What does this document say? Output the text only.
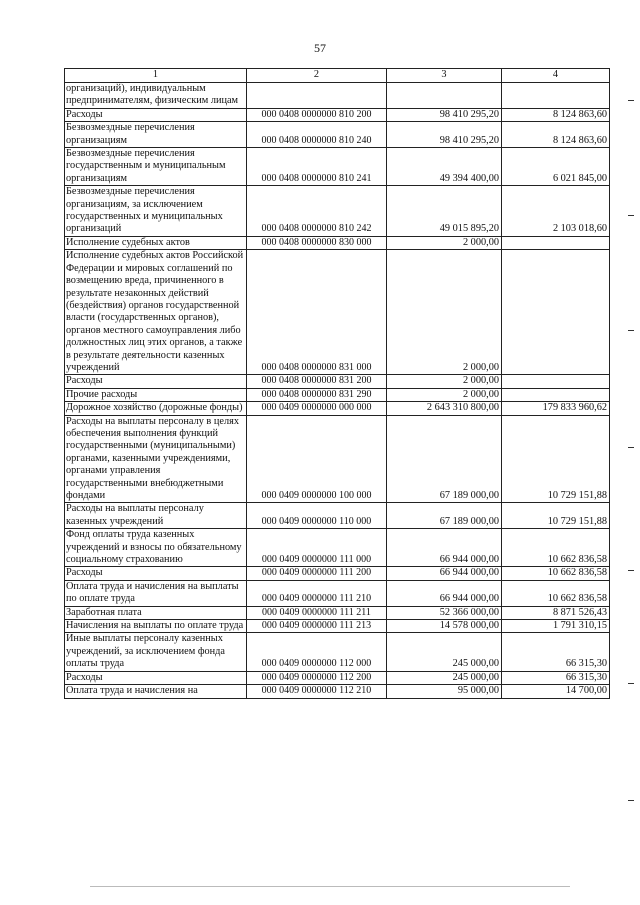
57
1	2	3	4
организаций), индивидуальным предпринимателям, физическим лицам			
Расходы	000 0408 0000000 810 200	98 410 295,20	8 124 863,60
Безвозмездные перечисления организациям	000 0408 0000000 810 240	98 410 295,20	8 124 863,60
Безвозмездные перечисления государственным и муниципальным организациям	000 0408 0000000 810 241	49 394 400,00	6 021 845,00
Безвозмездные перечисления организациям, за исключением государственных и муниципальных организаций	000 0408 0000000 810 242	49 015 895,20	2 103 018,60
Исполнение судебных актов	000 0408 0000000 830 000	2 000,00	
Исполнение судебных актов Российской Федерации и мировых соглашений по возмещению вреда, причиненного в результате незаконных действий (бездействия) органов государственной власти (государственных органов), органов местного самоуправления либо должностных лиц этих органов, а также в результате деятельности казенных учреждений	000 0408 0000000 831 000	2 000,00	
Расходы	000 0408 0000000 831 200	2 000,00	
Прочие расходы	000 0408 0000000 831 290	2 000,00	
Дорожное хозяйство (дорожные фонды)	000 0409 0000000 000 000	2 643 310 800,00	179 833 960,62
Расходы на выплаты персоналу в целях обеспечения выполнения функций государственными (муниципальными) органами, казенными учреждениями, органами управления государственными внебюджетными фондами	000 0409 0000000 100 000	67 189 000,00	10 729 151,88
Расходы на выплаты персоналу казенных учреждений	000 0409 0000000 110 000	67 189 000,00	10 729 151,88
Фонд оплаты труда казенных учреждений и взносы по обязательному социальному страхованию	000 0409 0000000 111 000	66 944 000,00	10 662 836,58
Расходы	000 0409 0000000 111 200	66 944 000,00	10 662 836,58
Оплата труда и начисления на выплаты по оплате труда	000 0409 0000000 111 210	66 944 000,00	10 662 836,58
Заработная плата	000 0409 0000000 111 211	52 366 000,00	8 871 526,43
Начисления на выплаты по оплате труда	000 0409 0000000 111 213	14 578 000,00	1 791 310,15
Иные выплаты персоналу казенных учреждений, за исключением фонда оплаты труда	000 0409 0000000 112 000	245 000,00	66 315,30
Расходы	000 0409 0000000 112 200	245 000,00	66 315,30
Оплата труда и начисления на	000 0409 0000000 112 210	95 000,00	14 700,00
